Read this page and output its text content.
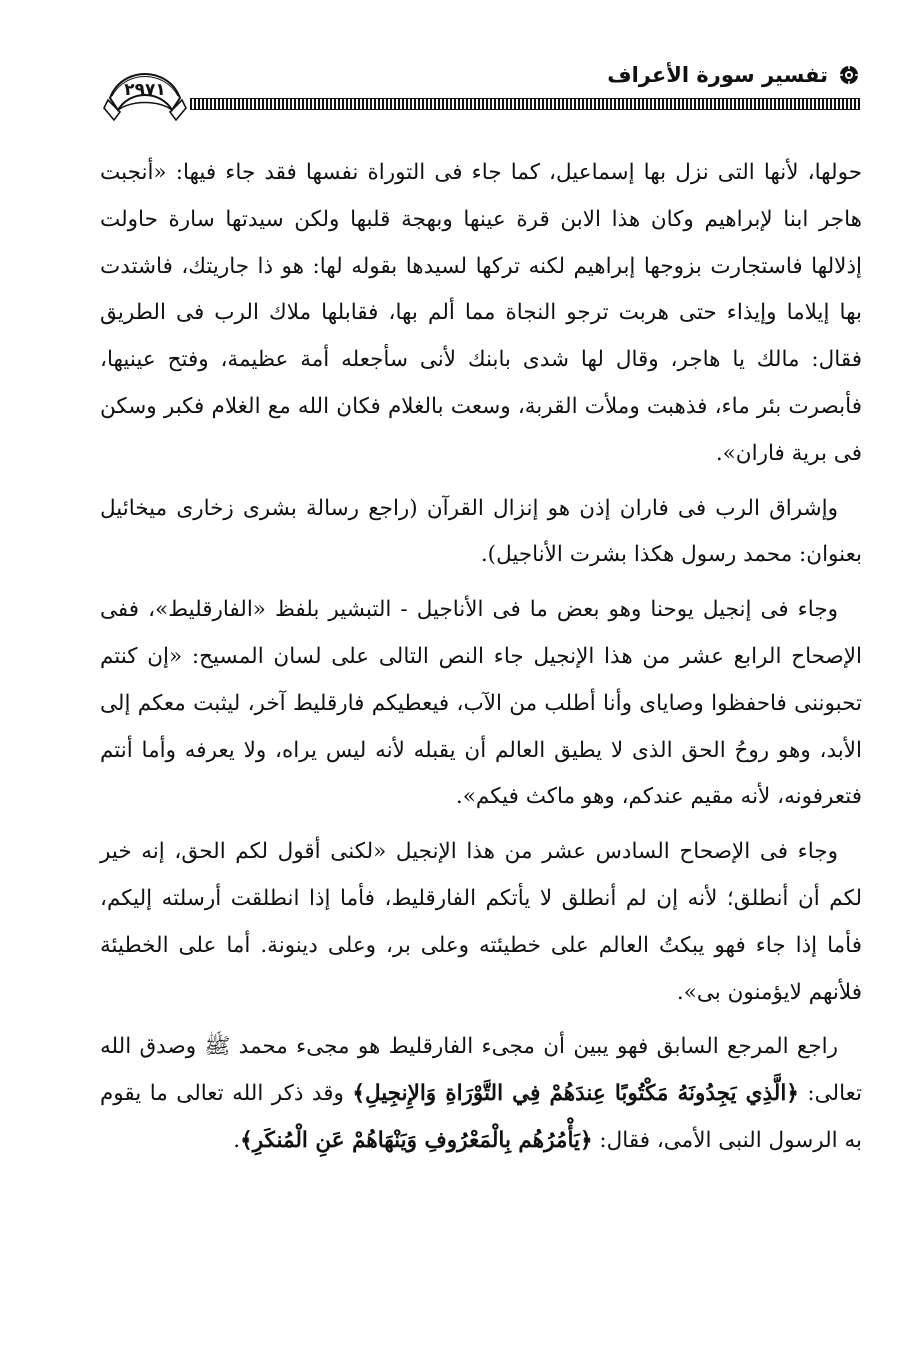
٢٩٧١
تفسير سورة الأعراف

حولها، لأنها التى نزل بها إسماعيل، كما جاء فى التوراة نفسها فقد جاء فيها: «أنجبت هاجر ابنا لإبراهيم وكان هذا الابن قرة عينها وبهجة قلبها ولكن سيدتها سارة حاولت إذلالها فاستجارت بزوجها إبراهيم لكنه تركها لسيدها بقوله لها: هو ذا جاريتك، فاشتدت بها إيلاما وإيذاء حتى هربت ترجو النجاة مما ألم بها، فقابلها ملاك الرب فى الطريق فقال: مالك يا هاجر، وقال لها شدى بابنك لأنى سأجعله أمة عظيمة، وفتح عينيها، فأبصرت بئر ماء، فذهبت وملأت القربة، وسعت بالغلام فكان الله مع الغلام فكبر وسكن فى برية فاران».

وإشراق الرب فى فاران إذن هو إنزال القرآن (راجع رسالة بشرى زخارى ميخائيل بعنوان: محمد رسول هكذا بشرت الأناجيل).

وجاء فى إنجيل يوحنا وهو بعض ما فى الأناجيل - التبشير بلفظ «الفارقليط»، ففى الإصحاح الرابع عشر من هذا الإنجيل جاء النص التالى على لسان المسيح: «إن كنتم تحبوننى فاحفظوا وصاياى وأنا أطلب من الآب، فيعطيكم فارقليط آخر، ليثبت معكم إلى الأبد، وهو روحُ الحق الذى لا يطيق العالم أن يقبله لأنه ليس يراه، ولا يعرفه وأما أنتم فتعرفونه، لأنه مقيم عندكم، وهو ماكث فيكم».

وجاء فى الإصحاح السادس عشر من هذا الإنجيل «لكنى أقول لكم الحق، إنه خير لكم أن أنطلق؛ لأنه إن لم أنطلق لا يأتكم الفارقليط، فأما إذا انطلقت أرسلته إليكم، فأما إذا جاء فهو يبكتُ العالم على خطيئته وعلى بر، وعلى دينونة. أما على الخطيئة فلأنهم لايؤمنون بى».

راجع المرجع السابق فهو يبين أن مجىء الفارقليط هو مجىء محمد ﷺ وصدق الله تعالى: ﴿الَّذِي يَجِدُونَهُ مَكْتُوبًا عِندَهُمْ فِي التَّوْرَاةِ وَالإِنجِيلِ﴾ وقد ذكر الله تعالى ما يقوم به الرسول النبى الأمى، فقال: ﴿يَأْمُرُهُم بِالْمَعْرُوفِ وَيَنْهَاهُمْ عَنِ الْمُنكَرِ﴾.
